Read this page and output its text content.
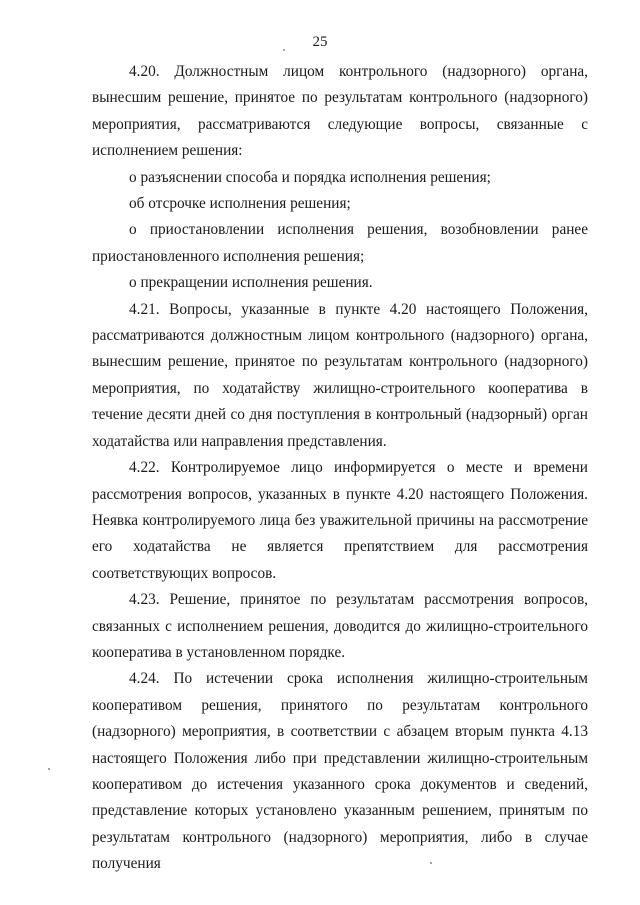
25

4.20. Должностным лицом контрольного (надзорного) органа, вынесшим решение, принятое по результатам контрольного (надзорного) мероприятия, рассматриваются следующие вопросы, связанные с исполнением решения:

о разъяснении способа и порядка исполнения решения;

об отсрочке исполнения решения;

о приостановлении исполнения решения, возобновлении ранее приостановленного исполнения решения;

о прекращении исполнения решения.

4.21. Вопросы, указанные в пункте 4.20 настоящего Положения, рассматриваются должностным лицом контрольного (надзорного) органа, вынесшим решение, принятое по результатам контрольного (надзорного) мероприятия, по ходатайству жилищно-строительного кооператива в течение десяти дней со дня поступления в контрольный (надзорный) орган ходатайства или направления представления.

4.22. Контролируемое лицо информируется о месте и времени рассмотрения вопросов, указанных в пункте 4.20 настоящего Положения. Неявка контролируемого лица без уважительной причины на рассмотрение его ходатайства не является препятствием для рассмотрения соответствующих вопросов.

4.23. Решение, принятое по результатам рассмотрения вопросов, связанных с исполнением решения, доводится до жилищно-строительного кооператива в установленном порядке.

4.24. По истечении срока исполнения жилищно-строительным кооперативом решения, принятого по результатам контрольного (надзорного) мероприятия, в соответствии с абзацем вторым пункта 4.13 настоящего Положения либо при представлении жилищно-строительным кооперативом до истечения указанного срока документов и сведений, представление которых установлено указанным решением, принятым по результатам контрольного (надзорного) мероприятия, либо в случае получения
